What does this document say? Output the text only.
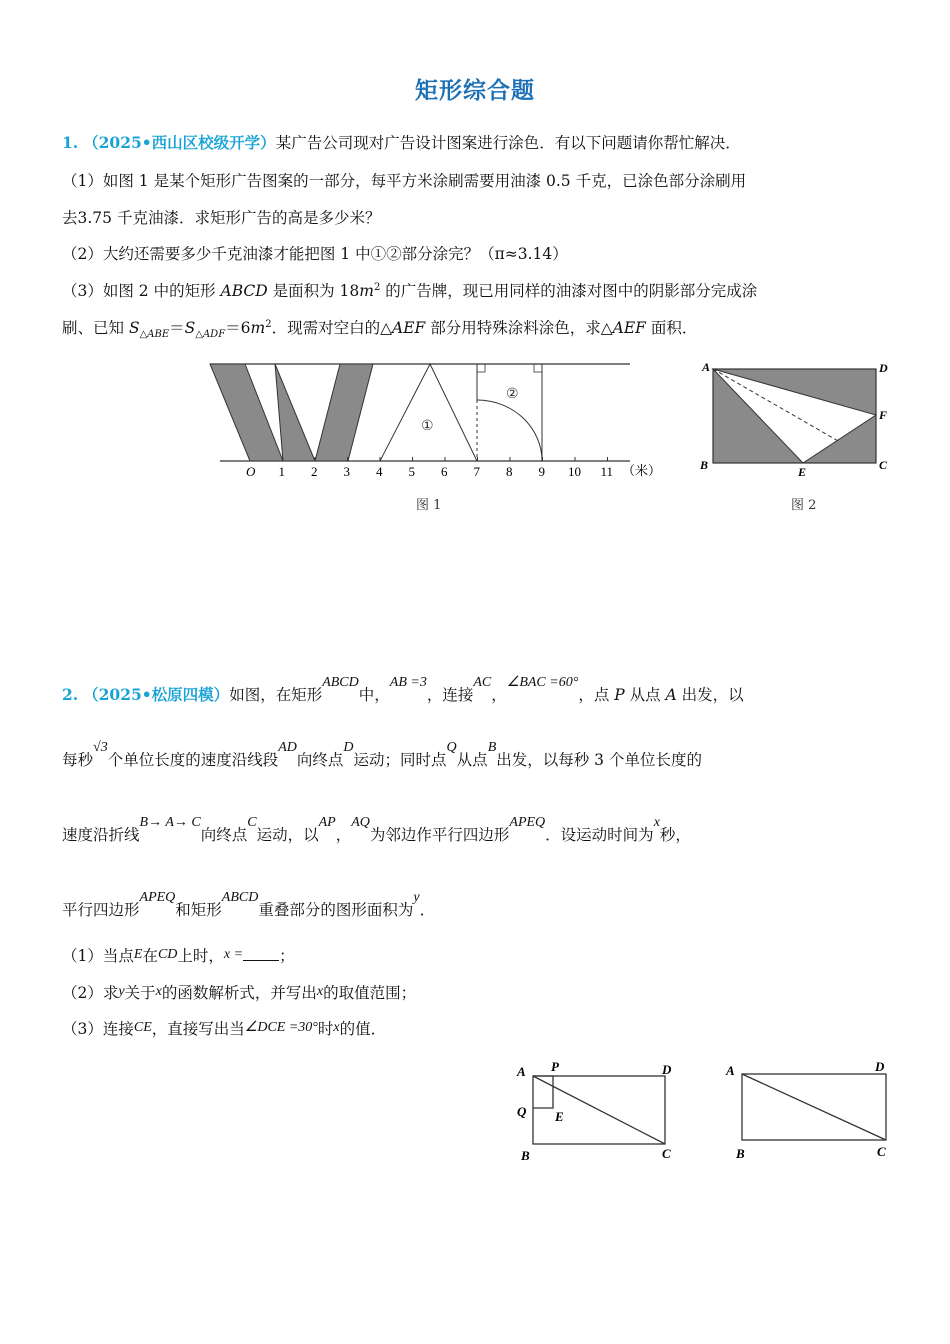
矩形综合题
1. （2025•西山区校级开学）某广告公司现对广告设计图案进行涂色．有以下问题请你帮忙解决．
（1）如图 1 是某个矩形广告图案的一部分，每平方米涂刷需要用油漆 0.5 千克，已涂色部分涂刷用
去3.75 千克油漆．求矩形广告的高是多少米？
（2）大约还需要多少千克油漆才能把图 1 中①②部分涂完？（π≈3.14）
（3）如图 2 中的矩形 ABCD 是面积为 $18m^2$ 的广告牌，现已用同样的油漆对图中的阴影部分完成涂
刷、已知 $S_{\triangle ABE}=S_{\triangle ADF}=6m^2$．现需对空白的△AEF 部分用特殊涂料涂色，求△AEF 面积．
①
②
O 1 2 3 4 5 6 7 8 9 10 11 （米）
图 1
A	D
B	C
E
F
图 2
2. （2025•松原四模）如图，在矩形ABCD中，AB =3，连接AC，∠BAC =60°，点 P 从点 A 出发，以
每秒√3个单位长度的速度沿线段AD向终点D运动；同时点Q从点B出发，以每秒 3 个单位长度的
速度沿折线B→ A→ C向终点C运动，以AP，AQ为邻边作平行四边形APEQ．设运动时间为x秒，
平行四边形APEQ和矩形ABCD重叠部分的图形面积为y．
（1）当点E在CD上时，x = ；
（2）求y关于x的函数解析式，并写出x的取值范围；
（3）连接CE，直接写出当∠DCE =30°时x的值．
A P	D
Q E
B	C
A	D
B	C
